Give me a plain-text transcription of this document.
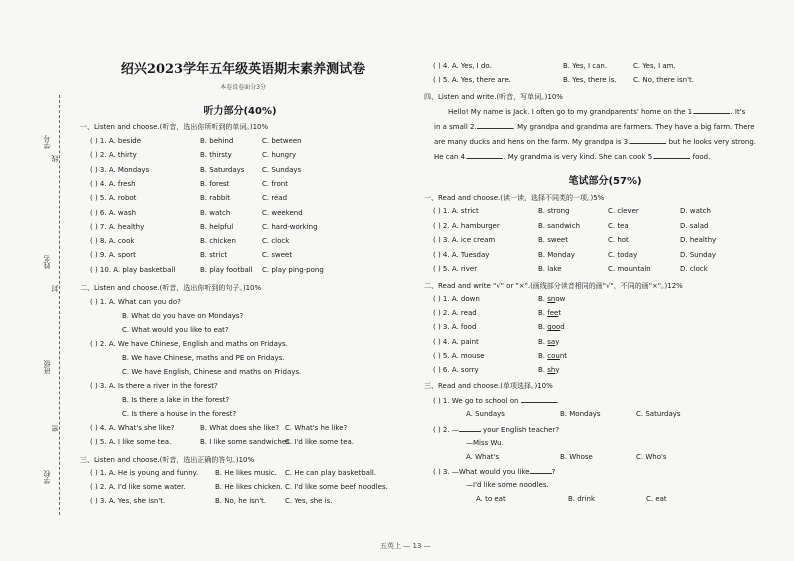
学号
线
姓名
封
班级
密
学校
绍兴2023学年五年级英语期末素养测试卷
本卷设卷面分3分
听力部分(40%)
一、Listen and choose.(听音，选出你所听到的单词。)10%
( ) 1. A. beside	B. behind	C. between
( ) 2. A. thirty	B. thirsty	C. hungry
( ) 3. A. Mondays	B. Saturdays	C. Sundays
( ) 4. A. fresh	B. forest	C. front
( ) 5. A. robot	B. rabbit	C. read
( ) 6. A. wash	B. watch	C. weekend
( ) 7. A. healthy	B. helpful	C. hard-working
( ) 8. A. cook	B. chicken	C. clock
( ) 9. A. sport	B. strict	C. sweet
( ) 10. A. play basketball	B. play football C. play ping-pong
二、Listen and choose.(听音，选出你听到的句子。)10%
( ) 1. A. What can you do?
B. What do you have on Mondays?
C. What would you like to eat?
( ) 2. A. We have Chinese, English and maths on Fridays.
B. We have Chinese, maths and PE on Fridays.
C. We have English, Chinese and maths on Fridays.
( ) 3. A. Is there a river in the forest?
B. Is there a lake in the forest?
C. Is there a house in the forest?
( ) 4. A. What's she like?	B. What does she like? C. What's he like?
( ) 5. A. I like some tea.	B. I like some sandwiches.
C. I'd like some tea.
三、Listen and choose.(听音，选出正确的答句。)10%
( ) 1. A. He is young and funny. B. He likes music. C. He can play basketball.
( ) 2. A. I'd like some water.	B. He likes chicken. C. I'd like some beef noodles.
( ) 3. A. Yes, she isn't.	B. No, he isn't.	C. Yes, she is.
( ) 4. A. Yes, I do.	B. Yes, I can.	C. Yes, I am.
( ) 5. A. Yes, there are.	B. Yes, there is. C. No, there isn't.
四、Listen and write.(听音，写单词。)10%
Hello! My name is Jack. I often go to my grandparents' home on the 1.	. It's
in a small 2.	. My grandpa and grandma are farmers. They have a big farm. There
are many ducks and hens on the farm. My grandpa is 3.	but he looks very strong.
He can 4.	. My grandma is very kind. She can cook 5.	food.
笔试部分(57%)
一、Read and choose.(读一读，选择不同类的一项。)5%
( ) 1. A. strict	B. strong	C. clever	D. watch
( ) 2. A. hamburger	B. sandwich	C. tea	D. salad
( ) 3. A. ice cream	B. sweet	C. hot	D. healthy
( ) 4. A. Tuesday	B. Monday	C. today	D. Sunday
( ) 5. A. river	B. lake	C. mountain	D. clock
二、Read and write "√" or "×".(画线部分读音相同的画"√"，不同的画"×"。)12%
( ) 1. A. down	B. snow
( ) 2. A. read	B. feet
( ) 3. A. food	B. good
( ) 4. A. paint	B. say
( ) 5. A. mouse	B. count
( ) 6. A. sorry	B. shy
三、Read and choose.(单项选择。)10%
( ) 1. We go to school on	.
A. Sundays	B. Mondays	C. Saturdays
( ) 2. —	your English teacher?
—Miss Wu.
A. What's	B. Whose	C. Who's
( ) 3. —What would you like	?
—I'd like some noodles.
A. to eat	B. drink	C. eat
五英上 — 13 —
